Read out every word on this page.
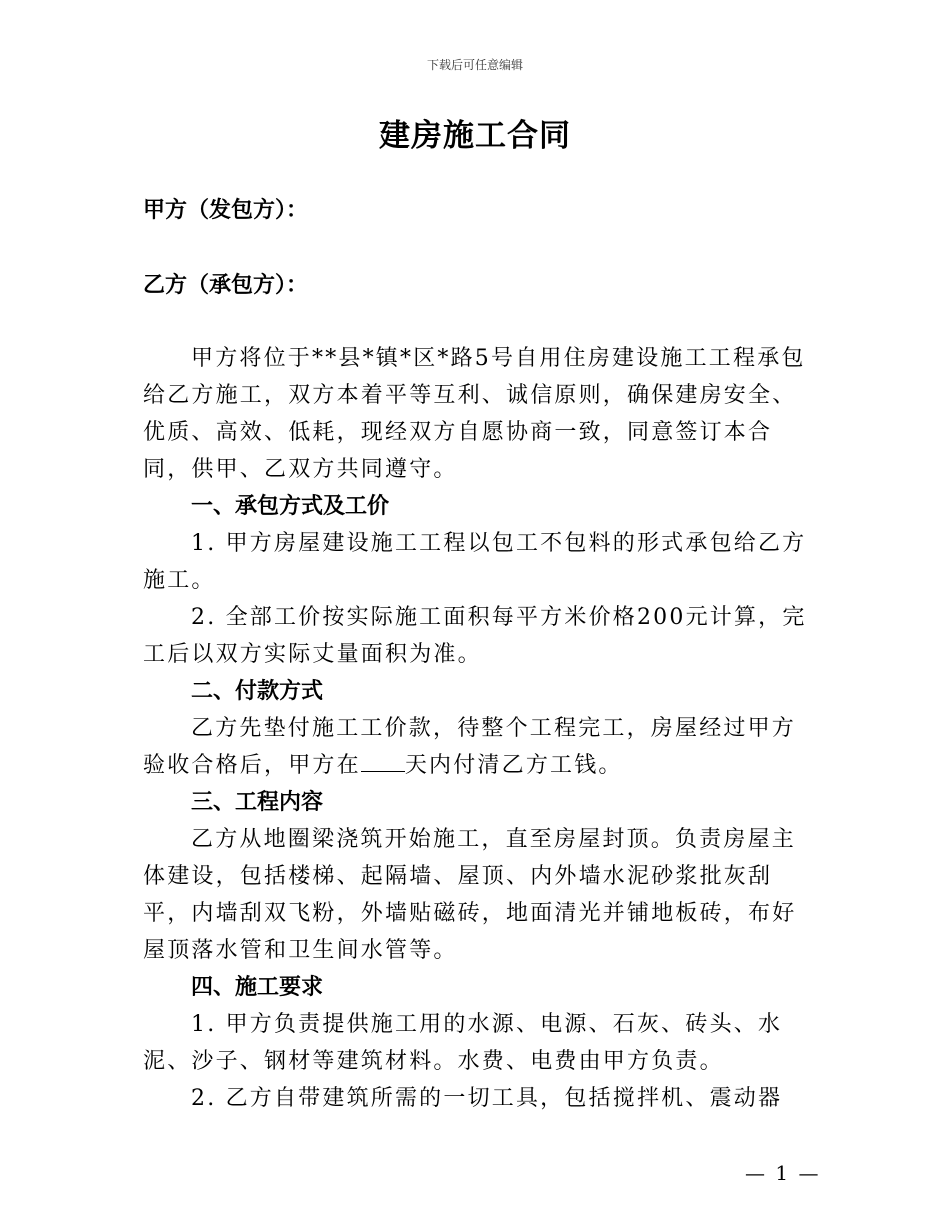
下载后可任意编辑
建房施工合同
甲方（发包方）：
乙方（承包方）：

甲方将位于**县*镇*区*路5号自用住房建设施工工程承包给乙方施工，双方本着平等互利、诚信原则，确保建房安全、优质、高效、低耗，现经双方自愿协商一致，同意签订本合同，供甲、乙双方共同遵守。

一、承包方式及工价

1. 甲方房屋建设施工工程以包工不包料的形式承包给乙方施工。

2. 全部工价按实际施工面积每平方米价格200元计算，完工后以双方实际丈量面积为准。

二、付款方式

乙方先垫付施工工价款，待整个工程完工，房屋经过甲方验收合格后，甲方在 天内付清乙方工钱。

三、工程内容

乙方从地圈梁浇筑开始施工，直至房屋封顶。负责房屋主体建设，包括楼梯、起隔墙、屋顶、内外墙水泥砂浆批灰刮平，内墙刮双飞粉，外墙贴磁砖，地面清光并铺地板砖，布好屋顶落水管和卫生间水管等。

四、施工要求

1. 甲方负责提供施工用的水源、电源、石灰、砖头、水泥、沙子、钢材等建筑材料。水费、电费由甲方负责。

2. 乙方自带建筑所需的一切工具，包括搅拌机、震动器

— 1 —
